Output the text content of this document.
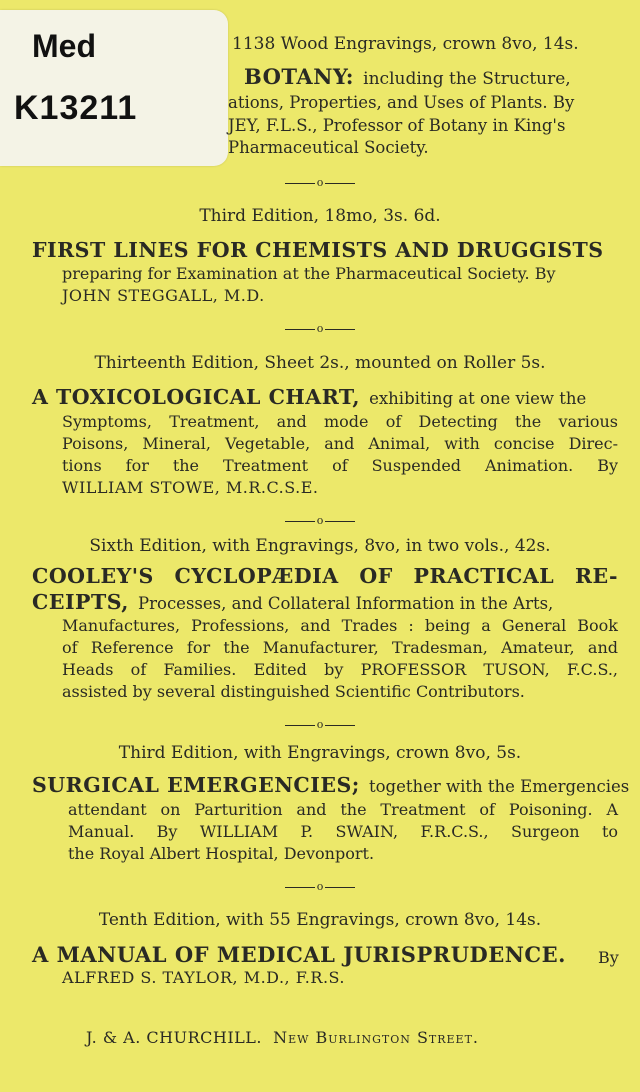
Med
K13211
1138 Wood Engravings, crown 8vo, 14s.
BOTANY: including the Structure,
ations, Properties, and Uses of Plants. By
JEY, F.L.S., Professor of Botany in King's
Pharmaceutical Society.
o
Third Edition, 18mo, 3s. 6d.
FIRST LINES FOR CHEMISTS AND DRUGGISTS
preparing for Examination at the Pharmaceutical Society. By
JOHN STEGGALL, M.D.
o
Thirteenth Edition, Sheet 2s., mounted on Roller 5s.
A TOXICOLOGICAL CHART, exhibiting at one view the
Symptoms, Treatment, and mode of Detecting the various
Poisons, Mineral, Vegetable, and Animal, with concise Direc-
tions for the Treatment of Suspended Animation. By
WILLIAM STOWE, M.R.C.S.E.
o
Sixth Edition, with Engravings, 8vo, in two vols., 42s.
COOLEY'S CYCLOPÆDIA OF PRACTICAL RE-
CEIPTS, Processes, and Collateral Information in the Arts,
Manufactures, Professions, and Trades : being a General Book
of Reference for the Manufacturer, Tradesman, Amateur, and
Heads of Families. Edited by PROFESSOR TUSON, F.C.S.,
assisted by several distinguished Scientific Contributors.
o
Third Edition, with Engravings, crown 8vo, 5s.
SURGICAL EMERGENCIES; together with the Emergencies
attendant on Parturition and the Treatment of Poisoning. A
Manual. By WILLIAM P. SWAIN, F.R.C.S., Surgeon to
the Royal Albert Hospital, Devonport.
o
Tenth Edition, with 55 Engravings, crown 8vo, 14s.
A MANUAL OF MEDICAL JURISPRUDENCE. By
ALFRED S. TAYLOR, M.D., F.R.S.
J. & A. CHURCHILL. New Burlington Street.
